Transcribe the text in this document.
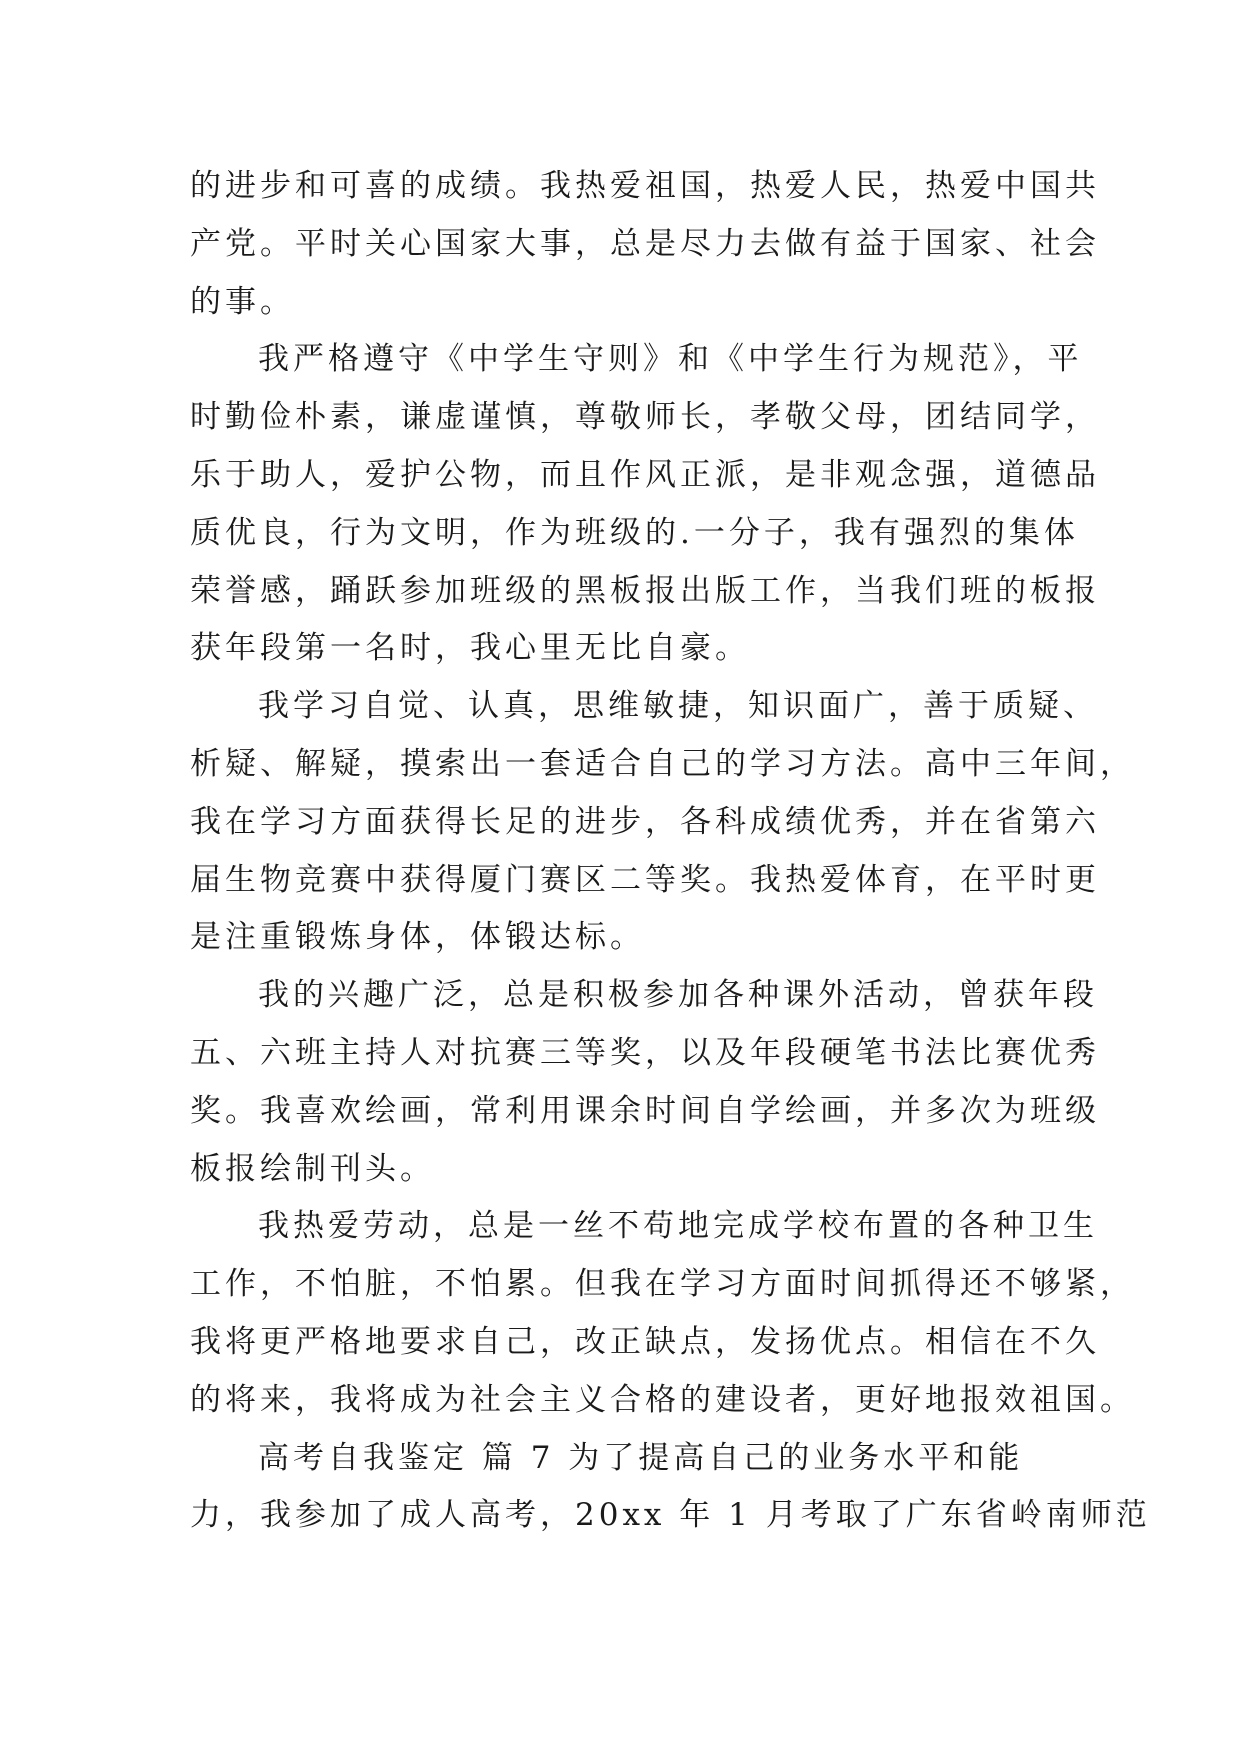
的进步和可喜的成绩。我热爱祖国，热爱人民，热爱中国共
产党。平时关心国家大事，总是尽力去做有益于国家、社会
的事。
我严格遵守《中学生守则》和《中学生行为规范》，平
时勤俭朴素，谦虚谨慎，尊敬师长，孝敬父母，团结同学，
乐于助人，爱护公物，而且作风正派，是非观念强，道德品
质优良，行为文明，作为班级的.一分子，我有强烈的集体
荣誉感，踊跃参加班级的黑板报出版工作，当我们班的板报
获年段第一名时，我心里无比自豪。
我学习自觉、认真，思维敏捷，知识面广，善于质疑、
析疑、解疑，摸索出一套适合自己的学习方法。高中三年间，
我在学习方面获得长足的进步，各科成绩优秀，并在省第六
届生物竞赛中获得厦门赛区二等奖。我热爱体育，在平时更
是注重锻炼身体，体锻达标。
我的兴趣广泛，总是积极参加各种课外活动，曾获年段
五、六班主持人对抗赛三等奖，以及年段硬笔书法比赛优秀
奖。我喜欢绘画，常利用课余时间自学绘画，并多次为班级
板报绘制刊头。
我热爱劳动，总是一丝不苟地完成学校布置的各种卫生
工作，不怕脏，不怕累。但我在学习方面时间抓得还不够紧，
我将更严格地要求自己，改正缺点，发扬优点。相信在不久
的将来，我将成为社会主义合格的建设者，更好地报效祖国。
高考自我鉴定 篇 7 为了提高自己的业务水平和能
力，我参加了成人高考，20xx 年 1 月考取了广东省岭南师范
